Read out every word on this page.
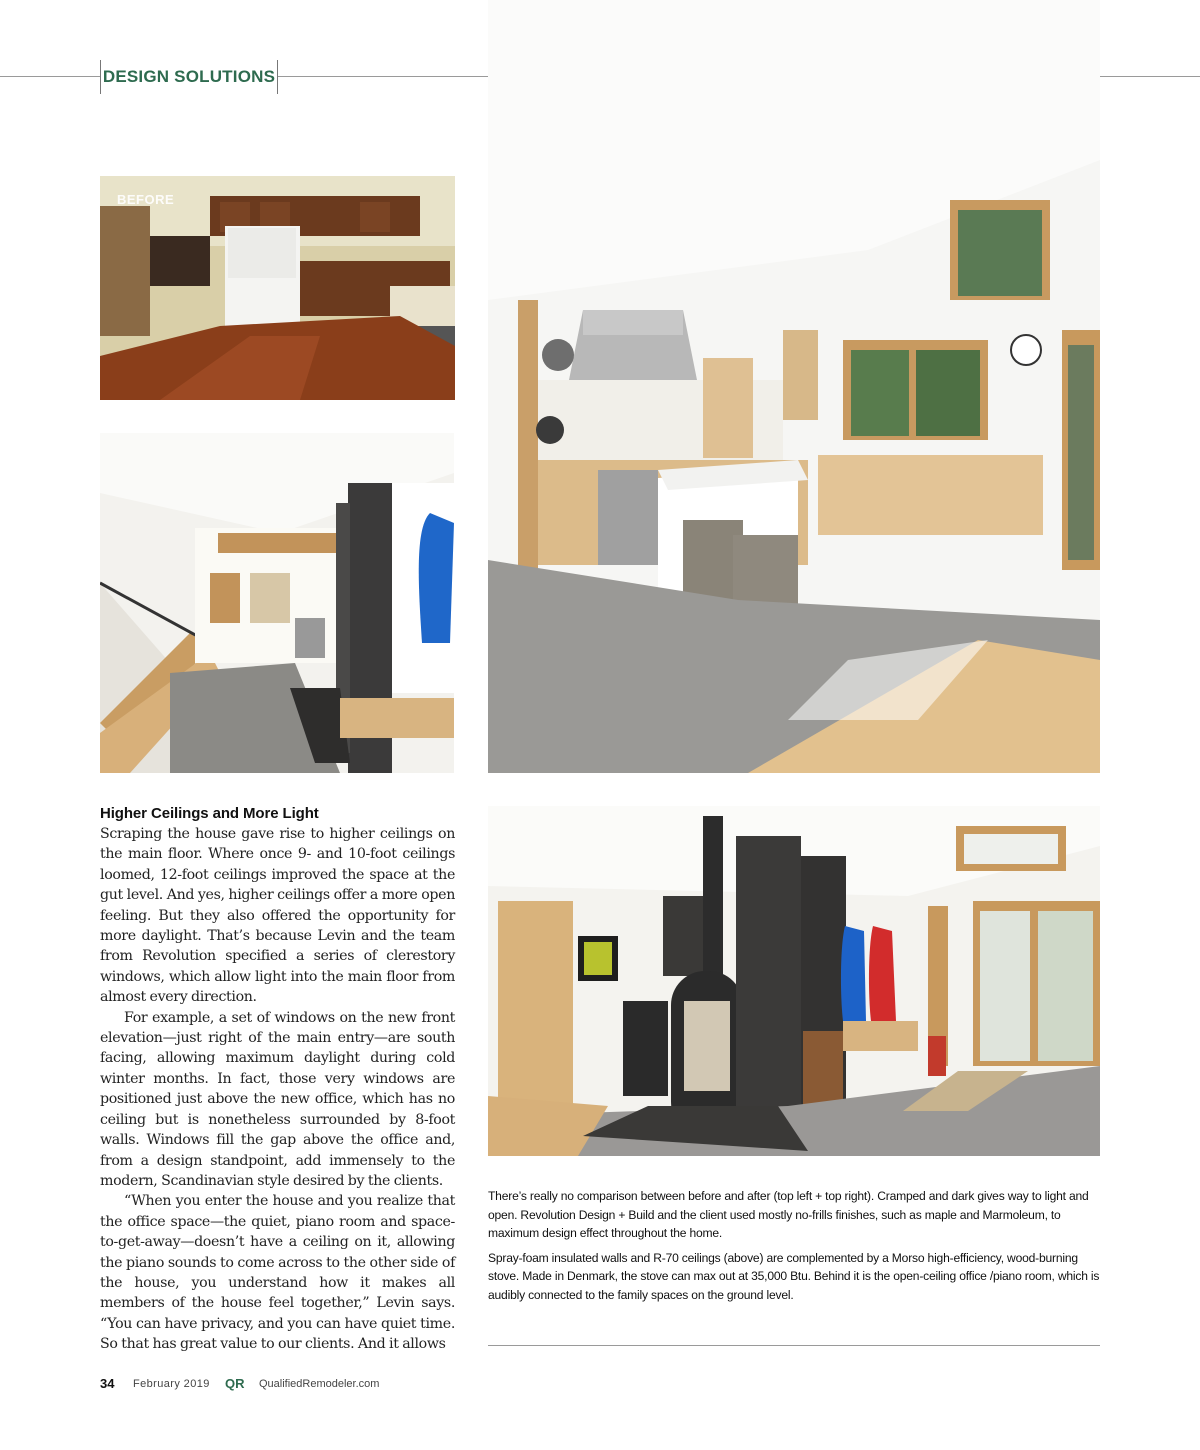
DESIGN SOLUTIONS
BEFORE
Higher Ceilings and More Light

Scraping the house gave rise to higher ceilings on the main floor. Where once 9- and 10-foot ceilings loomed, 12-foot ceilings improved the space at the gut level. And yes, higher ceilings offer a more open feeling. But they also offered the opportunity for more daylight. That’s because Levin and the team from Revolution specified a series of clerestory windows, which allow light into the main floor from almost every direction.

For example, a set of windows on the new front elevation—just right of the main entry—are south facing, allowing maximum daylight during cold winter months. In fact, those very windows are positioned just above the new office, which has no ceiling but is nonetheless surrounded by 8-foot walls. Windows fill the gap above the office and, from a design standpoint, add immensely to the modern, Scandinavian style desired by the clients.

“When you enter the house and you realize that the office space—the quiet, piano room and space-to-get-away—doesn’t have a ceiling on it, allowing the piano sounds to come across to the other side of the house, you understand how it makes all members of the house feel together,” Levin says. “You can have privacy, and you can have quiet time. So that has great value to our clients. And it allows

There’s really no comparison between before and after (top left + top right). Cramped and dark gives way to light and open. Revolution Design + Build and the client used mostly no-frills finishes, such as maple and Marmoleum, to maximum design effect throughout the home.

Spray-foam insulated walls and R-70 ceilings (above) are complemented by a Morso high-efficiency, wood-burning stove. Made in Denmark, the stove can max out at 35,000 Btu. Behind it is the open-ceiling office /piano room, which is audibly connected to the family spaces on the ground level.

34 February 2019 QR QualifiedRemodeler.com
